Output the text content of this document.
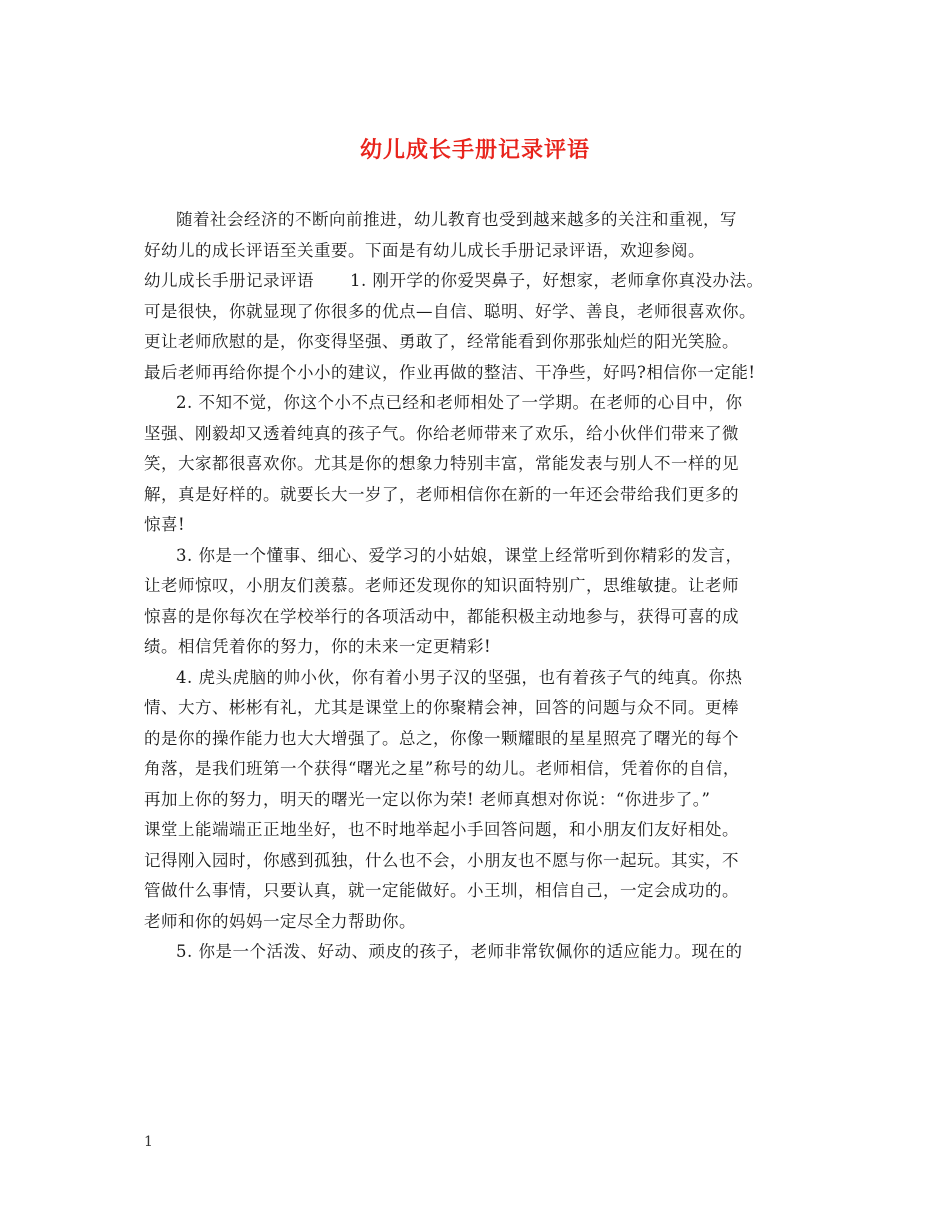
幼儿成长手册记录评语
随着社会经济的不断向前推进，幼儿教育也受到越来越多的关注和重视，写
好幼儿的成长评语至关重要。下面是有幼儿成长手册记录评语，欢迎参阅。
幼儿成长手册记录评语 1. 刚开学的你爱哭鼻子，好想家，老师拿你真没办法。
可是很快，你就显现了你很多的优点—自信、聪明、好学、善良，老师很喜欢你。
更让老师欣慰的是，你变得坚强、勇敢了，经常能看到你那张灿烂的阳光笑脸。
最后老师再给你提个小小的建议，作业再做的整洁、干净些，好吗?相信你一定能!
2. 不知不觉，你这个小不点已经和老师相处了一学期。在老师的心目中，你
坚强、刚毅却又透着纯真的孩子气。你给老师带来了欢乐，给小伙伴们带来了微
笑，大家都很喜欢你。尤其是你的想象力特别丰富，常能发表与别人不一样的见
解，真是好样的。就要长大一岁了，老师相信你在新的一年还会带给我们更多的
惊喜!
3. 你是一个懂事、细心、爱学习的小姑娘，课堂上经常听到你精彩的发言，
让老师惊叹，小朋友们羡慕。老师还发现你的知识面特别广，思维敏捷。让老师
惊喜的是你每次在学校举行的各项活动中，都能积极主动地参与，获得可喜的成
绩。相信凭着你的努力，你的未来一定更精彩!
4. 虎头虎脑的帅小伙，你有着小男子汉的坚强，也有着孩子气的纯真。你热
情、大方、彬彬有礼，尤其是课堂上的你聚精会神，回答的问题与众不同。更棒
的是你的操作能力也大大增强了。总之，你像一颗耀眼的星星照亮了曙光的每个
角落，是我们班第一个获得“曙光之星”称号的幼儿。老师相信，凭着你的自信，
再加上你的努力，明天的曙光一定以你为荣! 老师真想对你说：“你进步了。”
课堂上能端端正正地坐好，也不时地举起小手回答问题，和小朋友们友好相处。
记得刚入园时，你感到孤独，什么也不会，小朋友也不愿与你一起玩。其实，不
管做什么事情，只要认真，就一定能做好。小王圳，相信自己，一定会成功的。
老师和你的妈妈一定尽全力帮助你。
5. 你是一个活泼、好动、顽皮的孩子，老师非常钦佩你的适应能力。现在的
1
